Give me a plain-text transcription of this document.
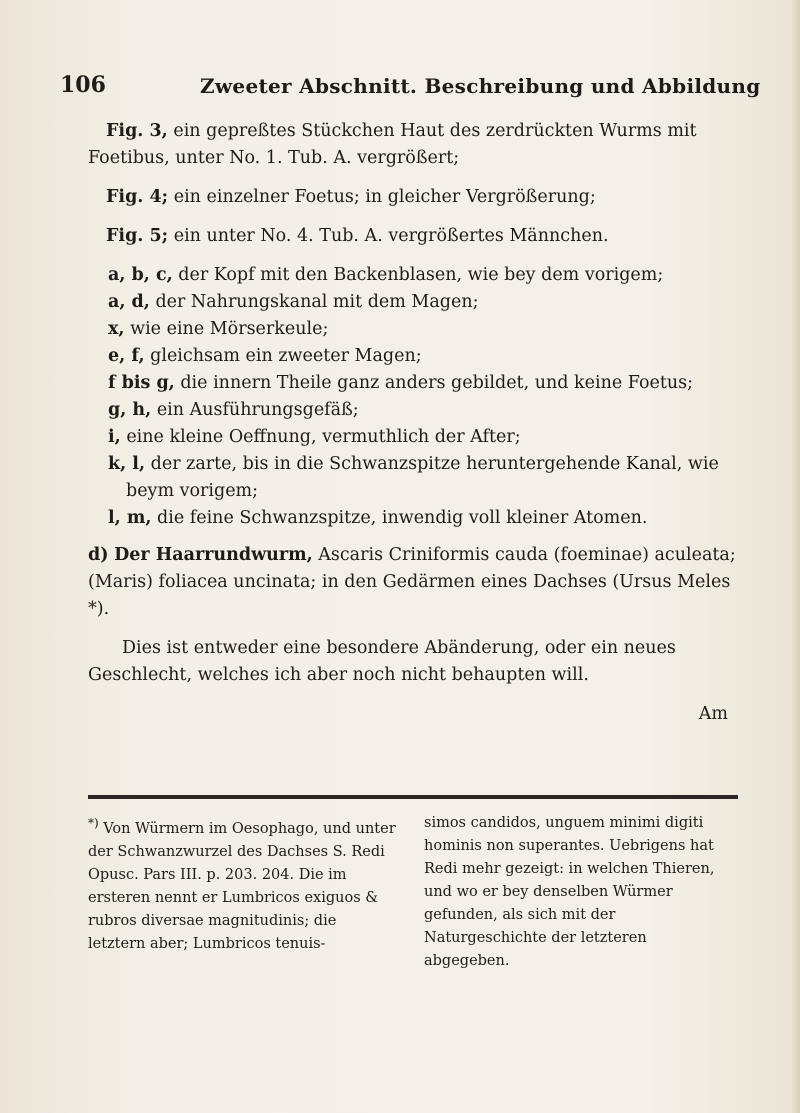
106	Zweeter Abschnitt. Beschreibung und Abbildung
Fig. 3, ein gepreßtes Stückchen Haut des zerdrückten Wurms mit Foetibus, unter No. 1. Tub. A. vergrößert;
Fig. 4; ein einzelner Foetus; in gleicher Vergrößerung;
Fig. 5; ein unter No. 4. Tub. A. vergrößertes Männchen.
a, b, c, der Kopf mit den Backenblasen, wie bey dem vorigem;
a, d, der Nahrungskanal mit dem Magen;
x, wie eine Mörserkeule;
e, f, gleichsam ein zweeter Magen;
f bis g, die innern Theile ganz anders gebildet, und keine Foetus;
g, h, ein Ausführungsgefäß;
i, eine kleine Oeffnung, vermuthlich der After;
k, l, der zarte, bis in die Schwanzspitze heruntergehende Kanal, wie beym vorigem;
l, m, die feine Schwanzspitze, inwendig voll kleiner Atomen.
d) Der Haarrundwurm, Ascaris Criniformis cauda (foeminae) aculeata; (Maris) foliacea uncinata; in den Gedärmen eines Dachses (Ursus Meles *).
Dies ist entweder eine besondere Abänderung, oder ein neues Geschlecht, welches ich aber noch nicht behaupten will.
Am
*) Von Würmern im Oesophago, und unter der Schwanzwurzel des Dachses S. Redi Opusc. Pars III. p. 203. 204. Die im ersteren nennt er Lumbricos exiguos & rubros diversae magnitudinis; die letztern aber; Lumbricos tenuis-
simos candidos, unguem minimi digiti hominis non superantes. Uebrigens hat Redi mehr gezeigt: in welchen Thieren, und wo er bey denselben Würmer gefunden, als sich mit der Naturgeschichte der letzteren abgegeben.
